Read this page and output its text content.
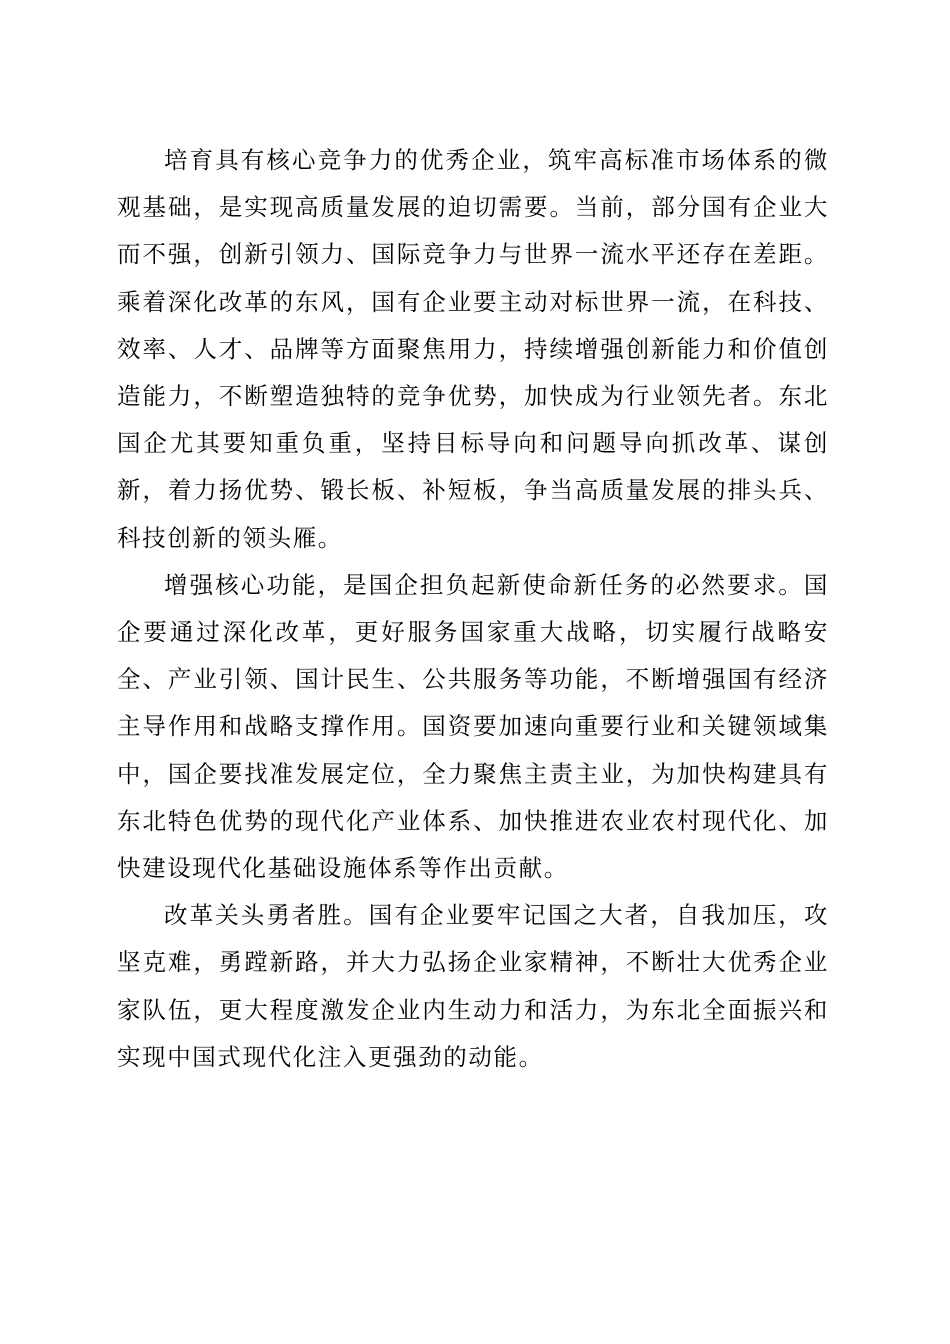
培育具有核心竞争力的优秀企业，筑牢高标准市场体系的微观基础，是实现高质量发展的迫切需要。当前，部分国有企业大而不强，创新引领力、国际竞争力与世界一流水平还存在差距。乘着深化改革的东风，国有企业要主动对标世界一流，在科技、效率、人才、品牌等方面聚焦用力，持续增强创新能力和价值创造能力，不断塑造独特的竞争优势，加快成为行业领先者。东北国企尤其要知重负重，坚持目标导向和问题导向抓改革、谋创新，着力扬优势、锻长板、补短板，争当高质量发展的排头兵、科技创新的领头雁。

增强核心功能，是国企担负起新使命新任务的必然要求。国企要通过深化改革，更好服务国家重大战略，切实履行战略安全、产业引领、国计民生、公共服务等功能，不断增强国有经济主导作用和战略支撑作用。国资要加速向重要行业和关键领域集中，国企要找准发展定位，全力聚焦主责主业，为加快构建具有东北特色优势的现代化产业体系、加快推进农业农村现代化、加快建设现代化基础设施体系等作出贡献。

改革关头勇者胜。国有企业要牢记国之大者，自我加压，攻坚克难，勇蹚新路，并大力弘扬企业家精神，不断壮大优秀企业家队伍，更大程度激发企业内生动力和活力，为东北全面振兴和实现中国式现代化注入更强劲的动能。
